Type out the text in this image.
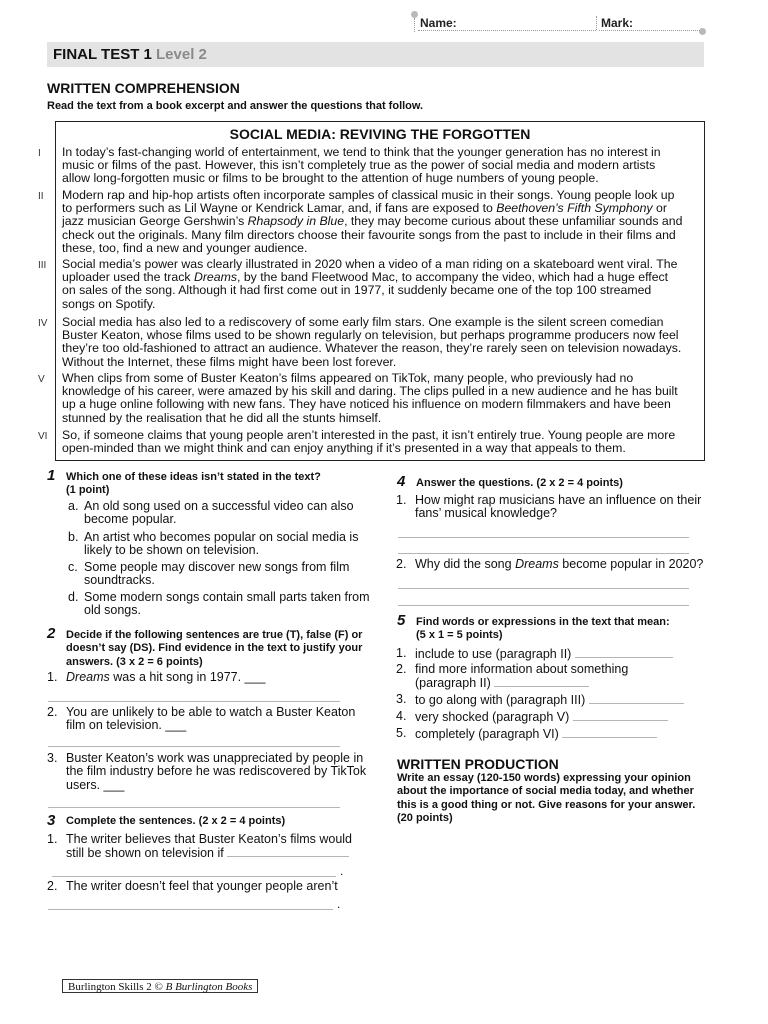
Name:	Mark:
FINAL TEST 1 Level 2
WRITTEN COMPREHENSION
Read the text from a book excerpt and answer the questions that follow.
SOCIAL MEDIA: REVIVING THE FORGOTTEN
I In today’s fast-changing world of entertainment, we tend to think that the younger generation has no interest in
music or films of the past. However, this isn’t completely true as the power of social media and modern artists
allow long-forgotten music or films to be brought to the attention of huge numbers of young people.
II Modern rap and hip-hop artists often incorporate samples of classical music in their songs. Young people look up
to performers such as Lil Wayne or Kendrick Lamar, and, if fans are exposed to Beethoven’s Fifth Symphony or
jazz musician George Gershwin’s Rhapsody in Blue, they may become curious about these unfamiliar sounds and
check out the originals. Many film directors choose their favourite songs from the past to include in their films and
these, too, find a new and younger audience.
III Social media’s power was clearly illustrated in 2020 when a video of a man riding on a skateboard went viral. The
uploader used the track Dreams, by the band Fleetwood Mac, to accompany the video, which had a huge effect
on sales of the song. Although it had first come out in 1977, it suddenly became one of the top 100 streamed
songs on Spotify.
IV Social media has also led to a rediscovery of some early film stars. One example is the silent screen comedian
Buster Keaton, whose films used to be shown regularly on television, but perhaps programme producers now feel
they’re too old-fashioned to attract an audience. Whatever the reason, they’re rarely seen on television nowadays.
Without the Internet, these films might have been lost forever.
V When clips from some of Buster Keaton’s films appeared on TikTok, many people, who previously had no
knowledge of his career, were amazed by his skill and daring. The clips pulled in a new audience and he has built
up a huge online following with new fans. They have noticed his influence on modern filmmakers and have been
stunned by the realisation that he did all the stunts himself.
VI So, if someone claims that young people aren’t interested in the past, it isn’t entirely true. Young people are more
open-minded than we might think and can enjoy anything if it’s presented in a way that appeals to them.
1 Which one of these ideas isn’t stated in the text?
(1 point)
a. An old song used on a successful video can also
become popular.
b. An artist who becomes popular on social media is
likely to be shown on television.
c. Some people may discover new songs from film
soundtracks.
d. Some modern songs contain small parts taken from
old songs.
2 Decide if the following sentences are true (T), false (F) or
doesn’t say (DS). Find evidence in the text to justify your
answers. (3 x 2 = 6 points)
1. Dreams was a hit song in 1977. ___
2. You are unlikely to be able to watch a Buster Keaton
film on television. ___
3. Buster Keaton’s work was unappreciated by people in
the film industry before he was rediscovered by TikTok
users. ___
3 Complete the sentences. (2 x 2 = 4 points)
1. The writer believes that Buster Keaton’s films would
still be shown on television if
.
2. The writer doesn’t feel that younger people aren’t
.
4 Answer the questions. (2 x 2 = 4 points)
1. How might rap musicians have an influence on their
fans’ musical knowledge?
2. Why did the song Dreams become popular in 2020?
5 Find words or expressions in the text that mean:
(5 x 1 = 5 points)
1. include to use (paragraph II)
2. find more information about something
(paragraph II)
3. to go along with (paragraph III)
4. very shocked (paragraph V)
5. completely (paragraph VI)
WRITTEN PRODUCTION
Write an essay (120-150 words) expressing your opinion
about the importance of social media today, and whether
this is a good thing or not. Give reasons for your answer.
(20 points)
Burlington Skills 2 © B Burlington Books
